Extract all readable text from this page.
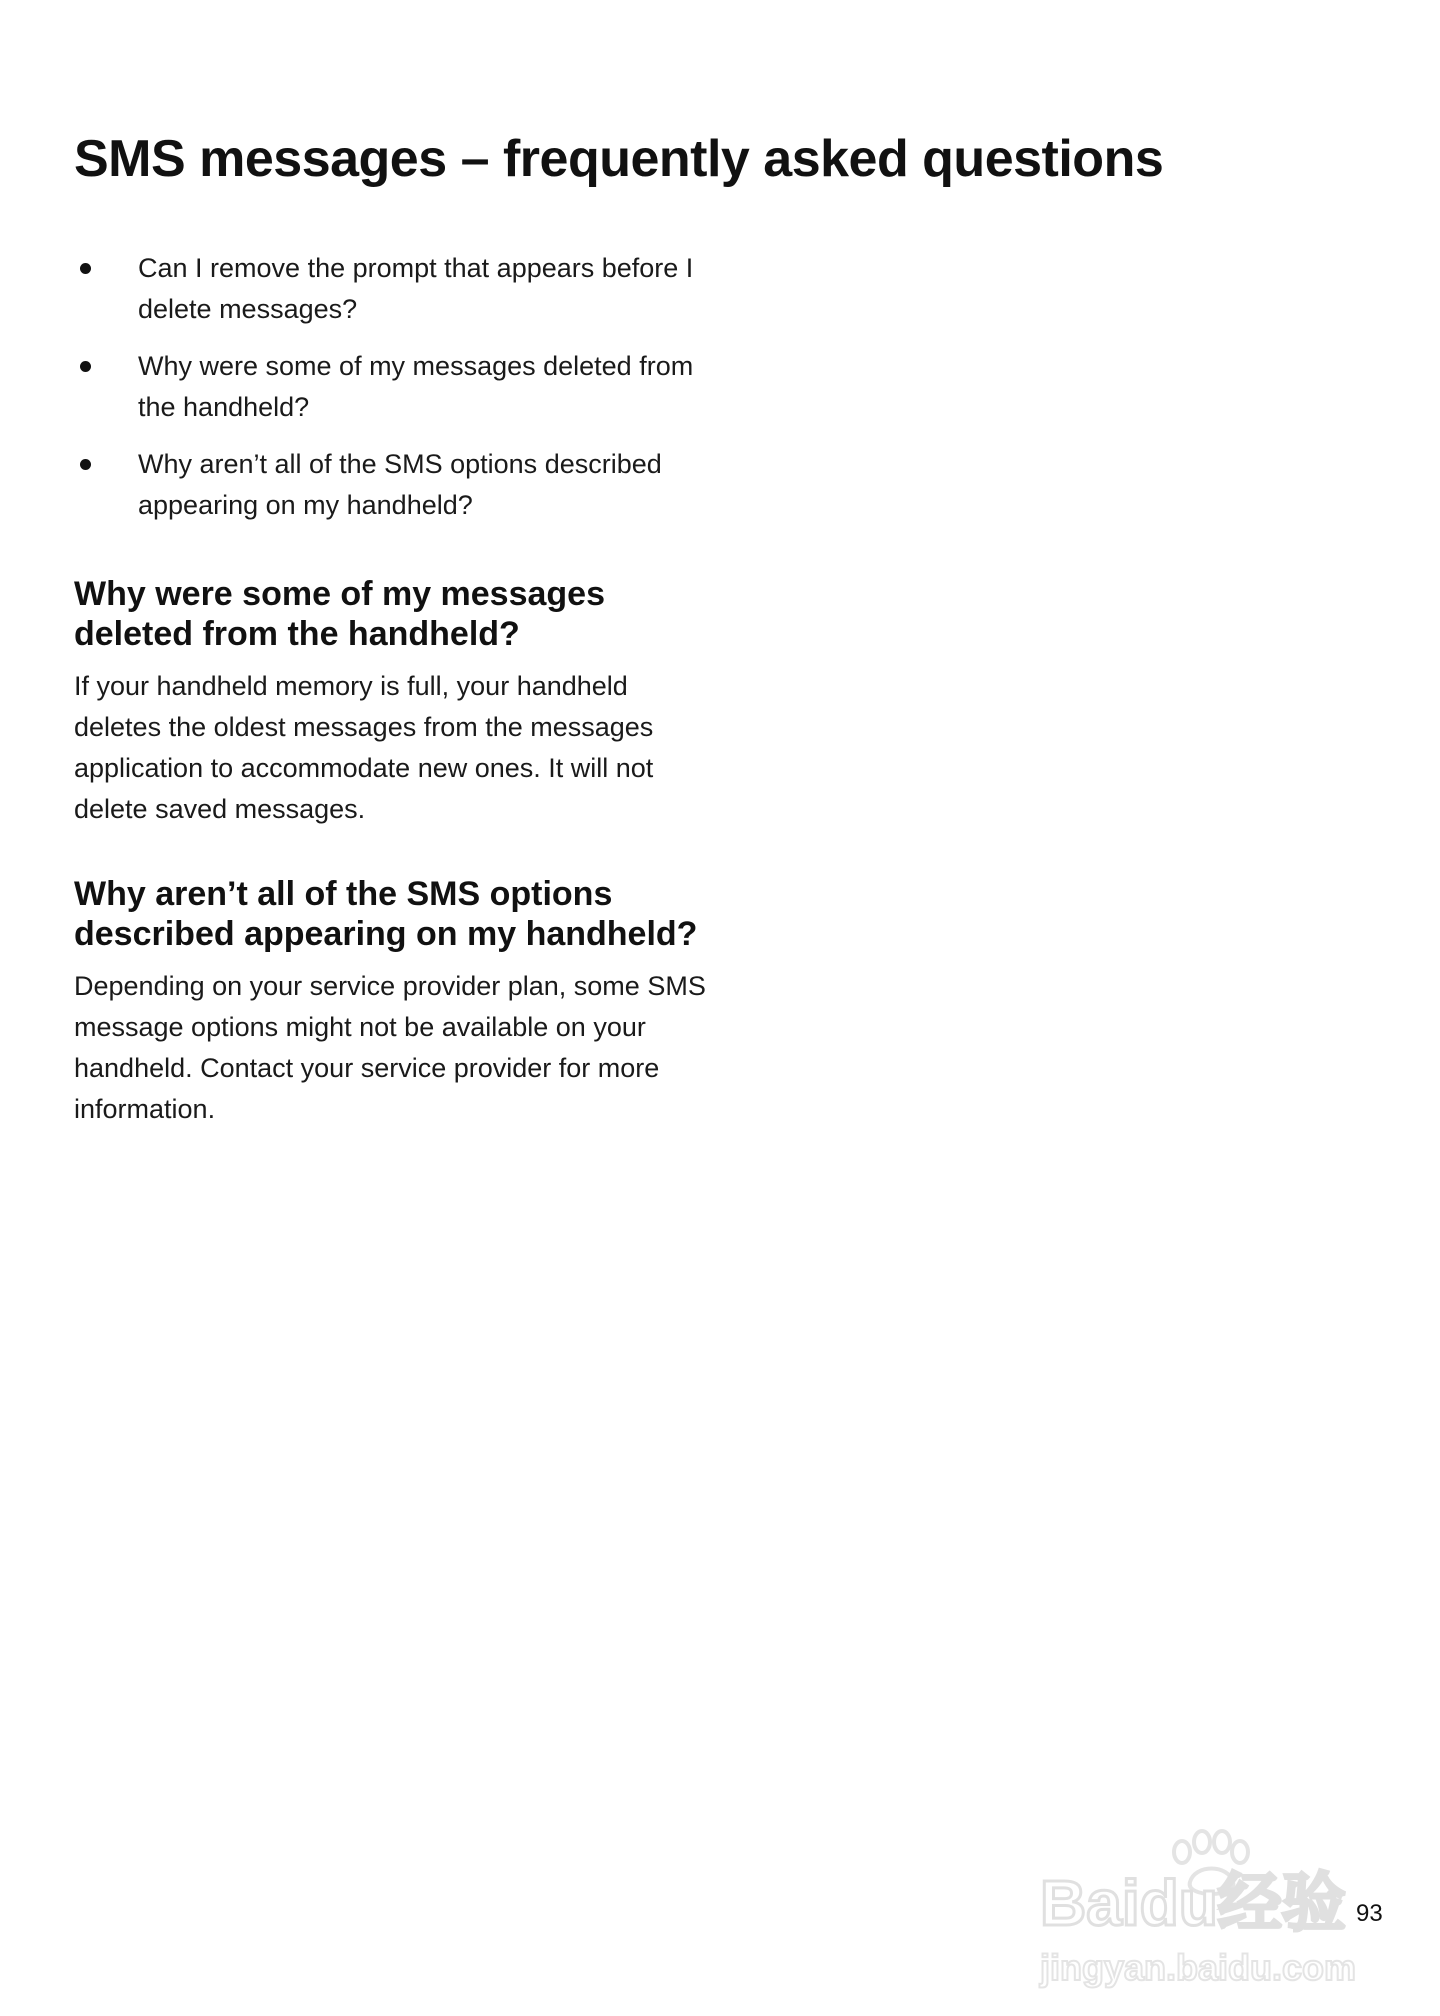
SMS messages – frequently asked questions
Can I remove the prompt that appears before I delete messages?
Why were some of my messages deleted from the handheld?
Why aren’t all of the SMS options described appearing on my handheld?
Why were some of my messages deleted from the handheld?

If your handheld memory is full, your handheld deletes the oldest messages from the messages application to accommodate new ones. It will not delete saved messages.

Why aren’t all of the SMS options described appearing on my handheld?

Depending on your service provider plan, some SMS message options might not be available on your handheld. Contact your service provider for more information.

Baidu经验
jingyan.baidu.com
93
